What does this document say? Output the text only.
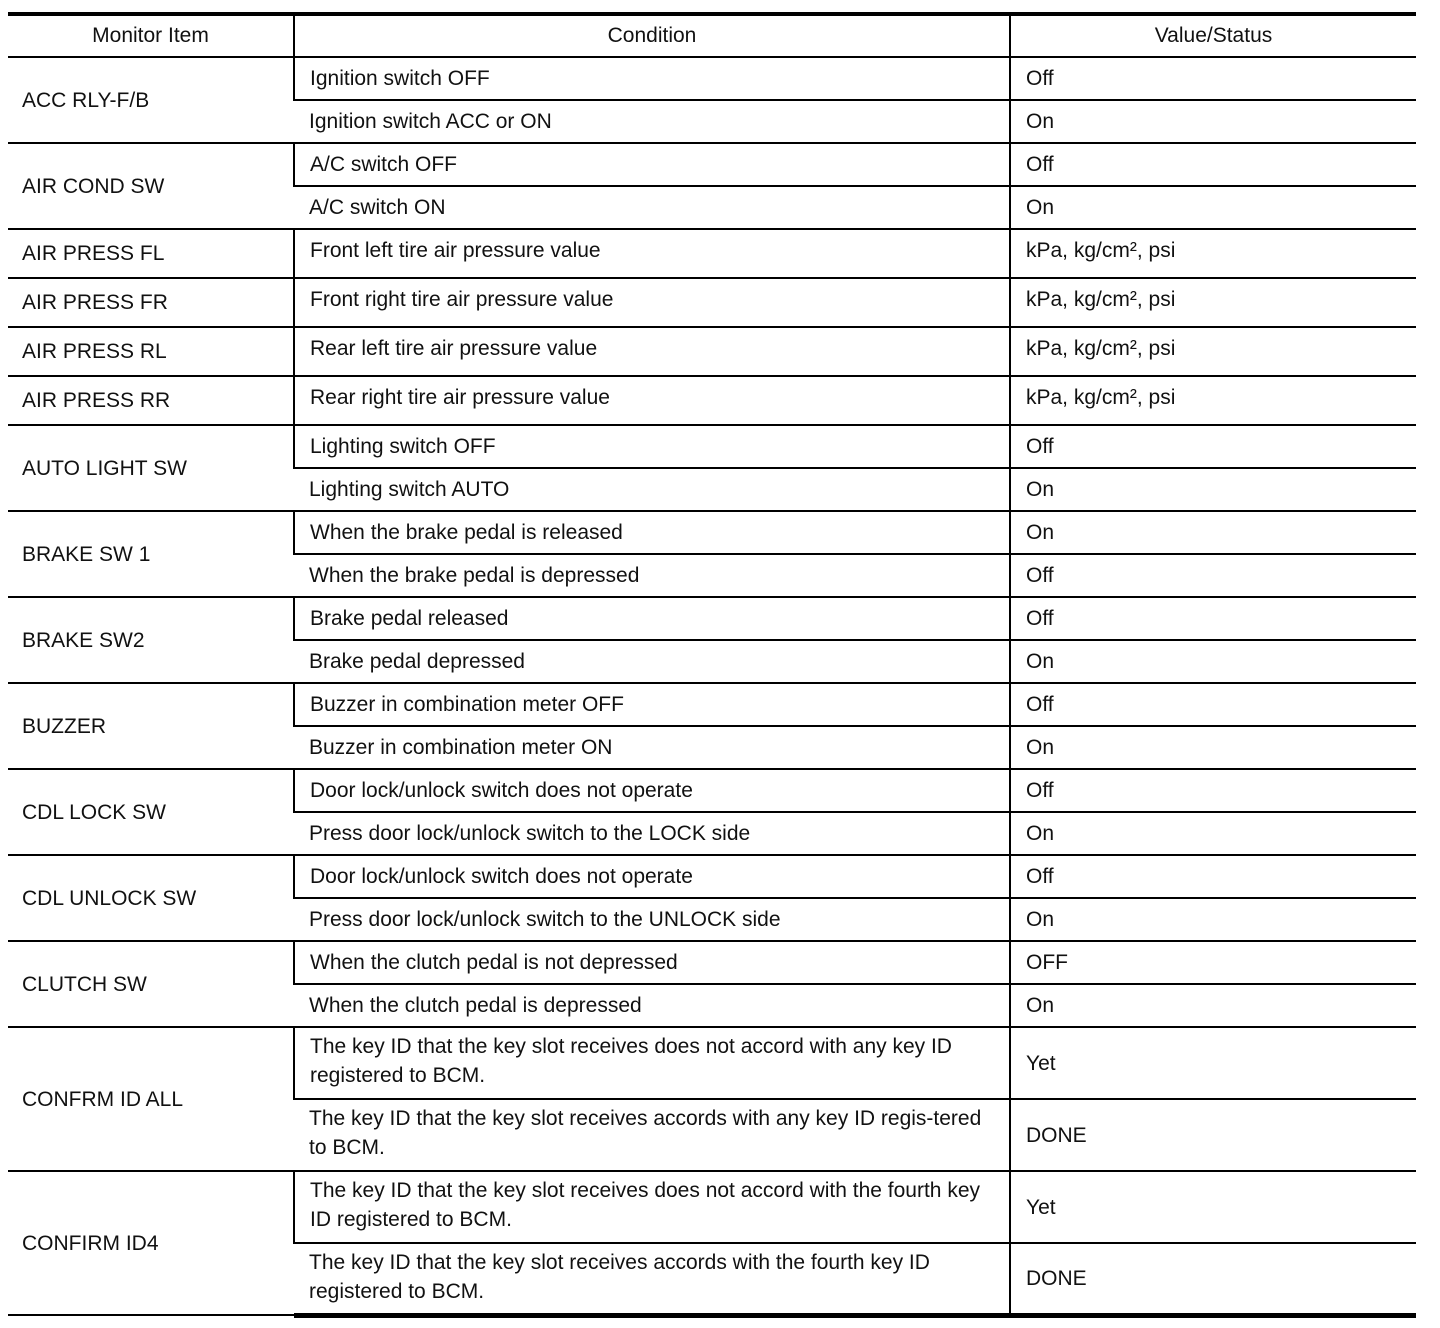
Monitor Item	Condition	Value/Status
ACC RLY-F/B	Ignition switch OFF	Off
	Ignition switch ACC or ON	On
AIR COND SW	A/C switch OFF	Off
	A/C switch ON	On
AIR PRESS FL	Front left tire air pressure value	kPa, kg/cm², psi
AIR PRESS FR	Front right tire air pressure value	kPa, kg/cm², psi
AIR PRESS RL	Rear left tire air pressure value	kPa, kg/cm², psi
AIR PRESS RR	Rear right tire air pressure value	kPa, kg/cm², psi
AUTO LIGHT SW	Lighting switch OFF	Off
	Lighting switch AUTO	On
BRAKE SW 1	When the brake pedal is released	On
	When the brake pedal is depressed	Off
BRAKE SW2	Brake pedal released	Off
	Brake pedal depressed	On
BUZZER	Buzzer in combination meter OFF	Off
	Buzzer in combination meter ON	On
CDL LOCK SW	Door lock/unlock switch does not operate	Off
	Press door lock/unlock switch to the LOCK side	On
CDL UNLOCK SW	Door lock/unlock switch does not operate	Off
	Press door lock/unlock switch to the UNLOCK side	On
CLUTCH SW	When the clutch pedal is not depressed	OFF
	When the clutch pedal is depressed	On
CONFRM ID ALL	The key ID that the key slot receives does not accord with any key ID registered to BCM.	Yet
	The key ID that the key slot receives accords with any key ID regis-tered to BCM.	DONE
CONFIRM ID4	The key ID that the key slot receives does not accord with the fourth key ID registered to BCM.	Yet
	The key ID that the key slot receives accords with the fourth key ID registered to BCM.	DONE
